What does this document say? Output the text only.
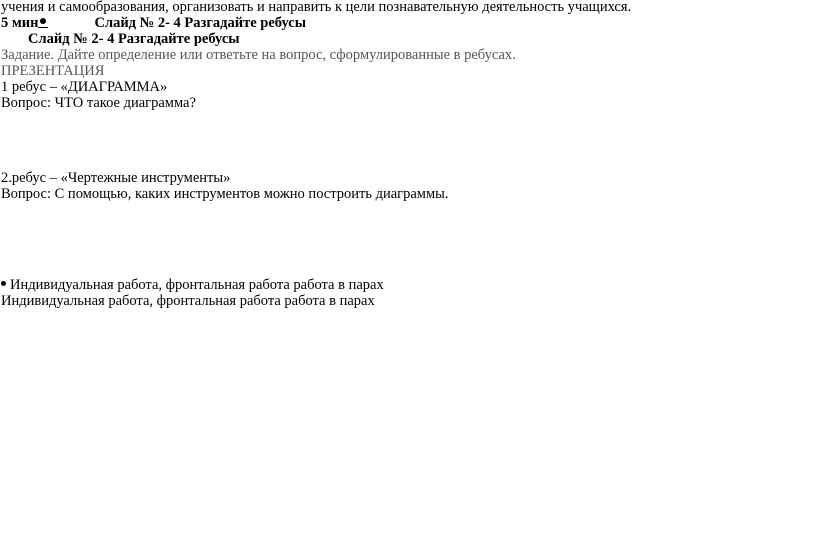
учения и самообразования, организовать и направить к цели познавательную деятельность учащихся.
5 мин	Слайд № 2- 4 Разгадайте ребусы
Слайд № 2- 4 Разгадайте ребусы
Задание. Дайте определение или ответьте на вопрос, сформулированные в ребусах.
ПРЕЗЕНТАЦИЯ
1 ребус – «ДИАГРАММА»
Вопрос: ЧТО такое диаграмма?
2.ребус – «Чертежные инструменты»
Вопрос: С помощью, каких инструментов можно построить диаграммы.
Индивидуальная работа, фронтальная работа работа в парах
Индивидуальная работа, фронтальная работа работа в парах
